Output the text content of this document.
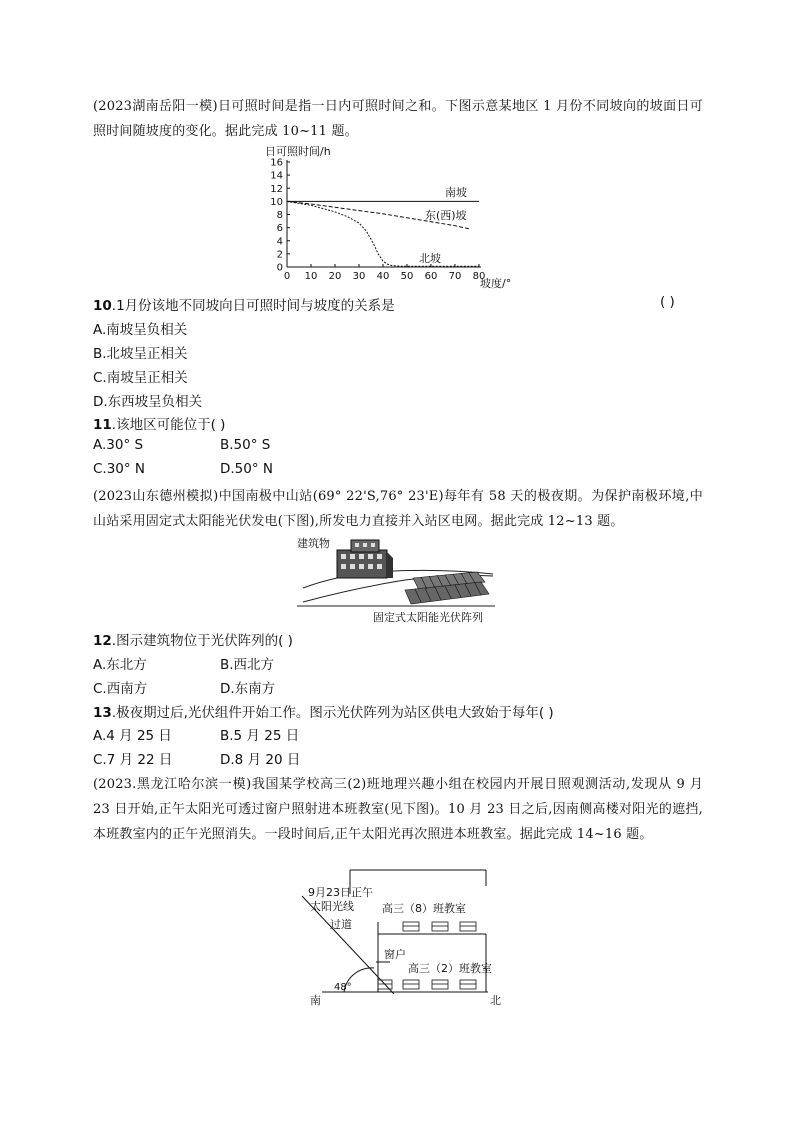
(2023湖南岳阳一模)日可照时间是指一日内可照时间之和。下图示意某地区 1 月份不同坡向的坡面日可照时间随坡度的变化。据此完成 10~11 题。
日可照时间/h
0
2
4
6
8
10
12
14
16
0 10 20 30 40 50 60 70 80
坡度/°
南坡
东(西)坡
北坡
10.1月份该地不同坡向日可照时间与坡度的关系是	( )
A.南坡呈负相关
B.北坡呈正相关
C.南坡呈正相关
D.东西坡呈负相关
11.该地区可能位于( )
A.30° S	B.50° S
C.30° N	D.50° N
(2023山东德州模拟)中国南极中山站(69° 22'S,76° 23'E)每年有 58 天的极夜期。为保护南极环境,中山站采用固定式太阳能光伏发电(下图),所发电力直接并入站区电网。据此完成 12~13 题。
建筑物
固定式太阳能光伏阵列
12.图示建筑物位于光伏阵列的( )
A.东北方	B.西北方
C.西南方	D.东南方
13.极夜期过后,光伏组件开始工作。图示光伏阵列为站区供电大致始于每年( )
A.4 月 25 日	B.5 月 25 日
C.7 月 22 日	D.8 月 20 日
(2023.黑龙江哈尔滨一模)我国某学校高三(2)班地理兴趣小组在校园内开展日照观测活动,发现从 9 月 23 日开始,正午太阳光可透过窗户照射进本班教室(见下图)。10 月 23 日之后,因南侧高楼对阳光的遮挡,本班教室内的正午光照消失。一段时间后,正午太阳光再次照进本班教室。据此完成 14~16 题。
9月23日正午
太阳光线
过道
高三（8）班教室
窗户
高三（2）班教室
48°
南	北
